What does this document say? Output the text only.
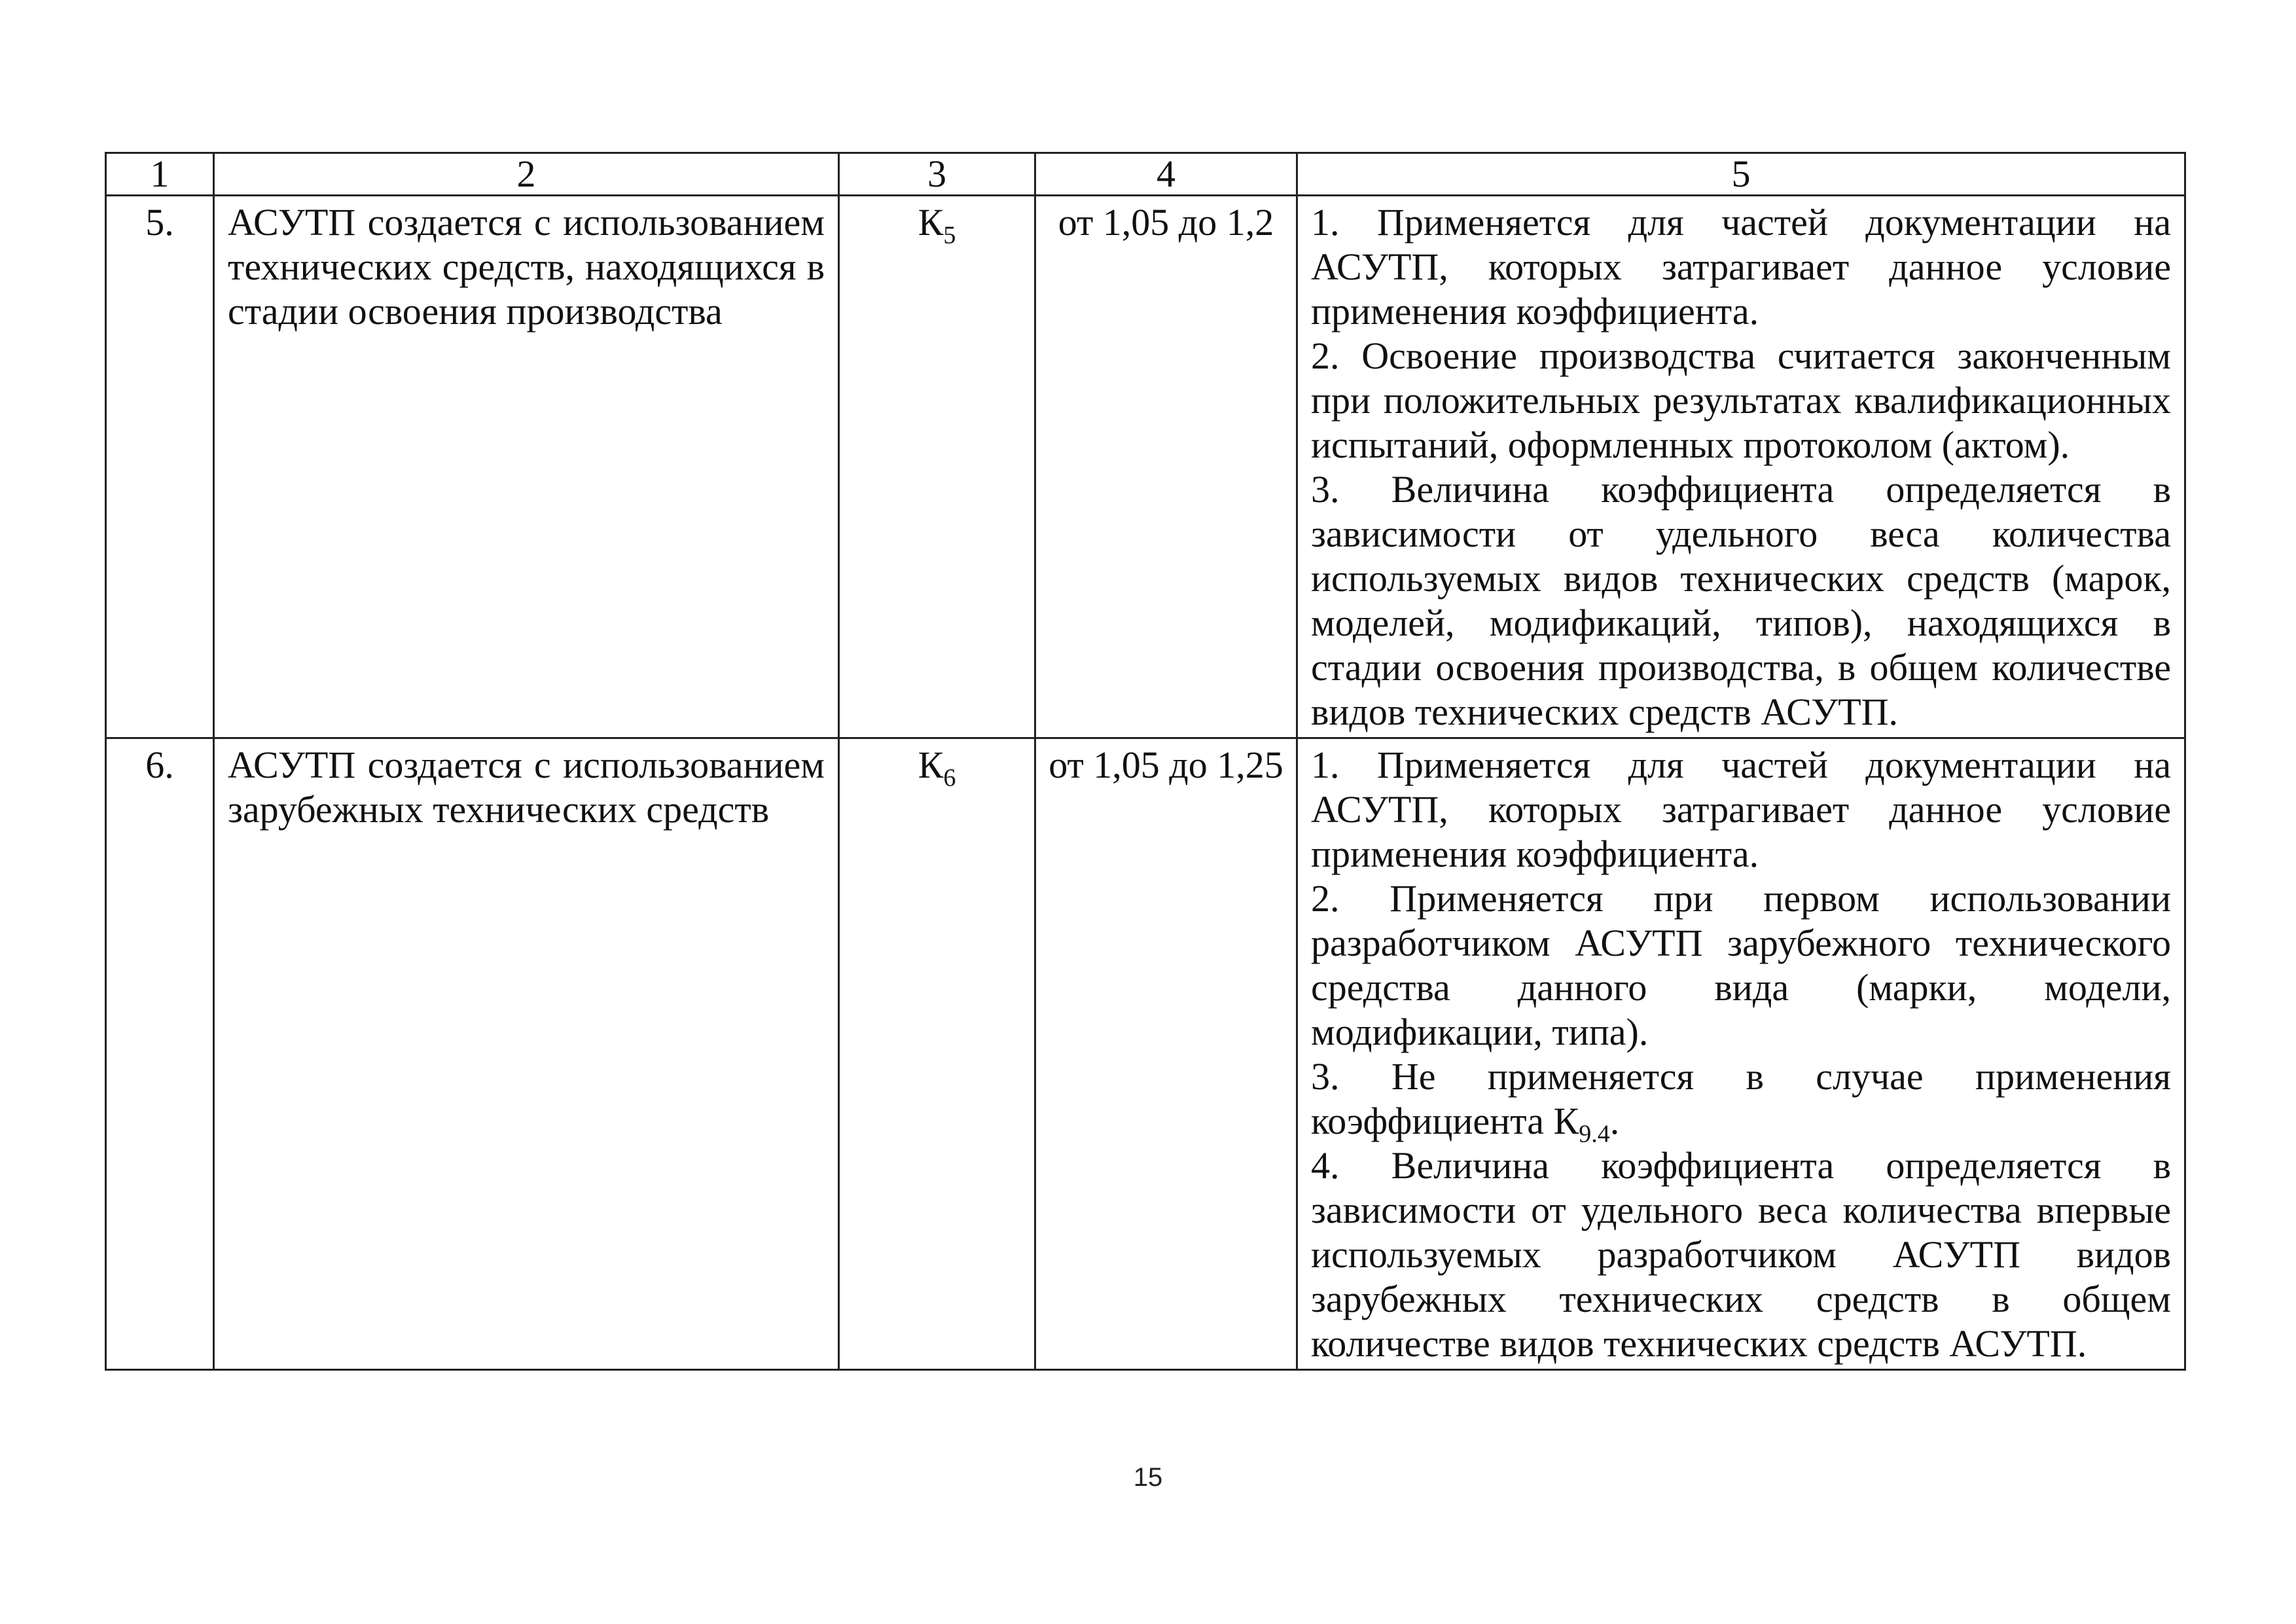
1	2	3	4	5
5.	АСУТП создается с использованием технических средств, находящихся в стадии освоения производства	$К_5$	от 1,05 до 1,2	1. Применяется для частей документации на АСУТП, которых затрагивает данное условие применения коэффициента.

2. Освоение производства считается законченным при положительных результатах квалификационных испытаний, оформленных протоколом (актом).

3. Величина коэффициента определяется в зависимости от удельного веса количества используемых видов технических средств (марок, моделей, модификаций, типов), находящихся в стадии освоения производства, в общем количестве видов технических средств АСУТП.

6.	АСУТП создается с использованием зарубежных технических средств	$К_6$	от 1,05 до 1,25	1. Применяется для частей документации на АСУТП, которых затрагивает данное условие применения коэффициента.

2. Применяется при первом использовании разработчиком АСУТП зарубежного технического средства данного вида (марки, модели, модификации, типа).

3. Не применяется в случае применения коэффициента $К_{9.4}$.

4. Величина коэффициента определяется в зависимости от удельного веса количества впервые используемых разработчиком АСУТП видов зарубежных технических средств в общем количестве видов технических средств АСУТП.

15
